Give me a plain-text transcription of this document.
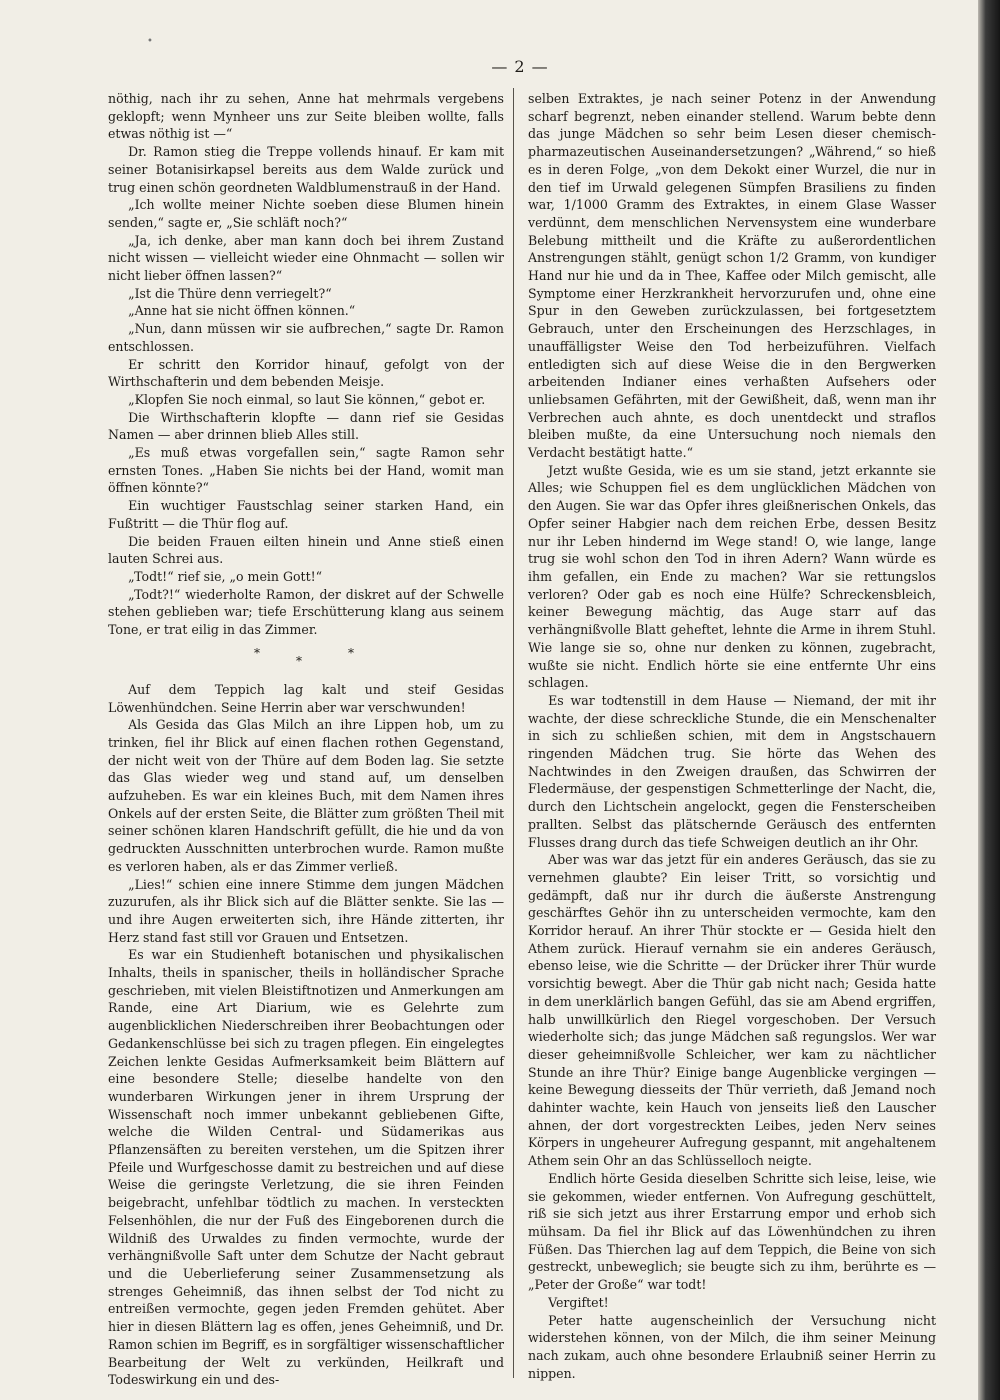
•
— 2 —

nöthig, nach ihr zu sehen, Anne hat mehrmals vergebens geklopft; wenn Mynheer uns zur Seite bleiben wollte, falls etwas nöthig ist —“

Dr. Ramon stieg die Treppe vollends hinauf. Er kam mit seiner Botanisirkapsel bereits aus dem Walde zurück und trug einen schön geordneten Waldblumenstrauß in der Hand.

„Ich wollte meiner Nichte soeben diese Blumen hinein senden,“ sagte er, „Sie schläft noch?“

„Ja, ich denke, aber man kann doch bei ihrem Zustand nicht wissen — vielleicht wieder eine Ohnmacht — sollen wir nicht lieber öffnen lassen?“

„Ist die Thüre denn verriegelt?“

„Anne hat sie nicht öffnen können.“

„Nun, dann müssen wir sie aufbrechen,“ sagte Dr. Ramon entschlossen.

Er schritt den Korridor hinauf, gefolgt von der Wirthschafterin und dem bebenden Meisje.

„Klopfen Sie noch einmal, so laut Sie können,“ gebot er.

Die Wirthschafterin klopfte — dann rief sie Gesidas Namen — aber drinnen blieb Alles still.

„Es muß etwas vorgefallen sein,“ sagte Ramon sehr ernsten Tones. „Haben Sie nichts bei der Hand, womit man öffnen könnte?“

Ein wuchtiger Faustschlag seiner starken Hand, ein Fußtritt — die Thür flog auf.

Die beiden Frauen eilten hinein und Anne stieß einen lauten Schrei aus.

„Todt!“ rief sie, „o mein Gott!“

„Todt?!“ wiederholte Ramon, der diskret auf der Schwelle stehen geblieben war; tiefe Erschütterung klang aus seinem Tone, er trat eilig in das Zimmer.

*
*
*

Auf dem Teppich lag kalt und steif Gesidas Löwenhündchen. Seine Herrin aber war verschwunden!

Als Gesida das Glas Milch an ihre Lippen hob, um zu trinken, fiel ihr Blick auf einen flachen rothen Gegenstand, der nicht weit von der Thüre auf dem Boden lag. Sie setzte das Glas wieder weg und stand auf, um denselben aufzuheben. Es war ein kleines Buch, mit dem Namen ihres Onkels auf der ersten Seite, die Blätter zum größten Theil mit seiner schönen klaren Handschrift gefüllt, die hie und da von gedruckten Ausschnitten unterbrochen wurde. Ramon mußte es verloren haben, als er das Zimmer verließ.

„Lies!“ schien eine innere Stimme dem jungen Mädchen zuzurufen, als ihr Blick sich auf die Blätter senkte. Sie las — und ihre Augen erweiterten sich, ihre Hände zitterten, ihr Herz stand fast still vor Grauen und Entsetzen.

Es war ein Studienheft botanischen und physikalischen Inhalts, theils in spanischer, theils in holländischer Sprache geschrieben, mit vielen Bleistiftnotizen und Anmerkungen am Rande, eine Art Diarium, wie es Gelehrte zum augenblicklichen Niederschreiben ihrer Beobachtungen oder Gedankenschlüsse bei sich zu tragen pflegen. Ein eingelegtes Zeichen lenkte Gesidas Aufmerksamkeit beim Blättern auf eine besondere Stelle; dieselbe handelte von den wunderbaren Wirkungen jener in ihrem Ursprung der Wissenschaft noch immer unbekannt gebliebenen Gifte, welche die Wilden Central- und Südamerikas aus Pflanzensäften zu bereiten verstehen, um die Spitzen ihrer Pfeile und Wurfgeschosse damit zu bestreichen und auf diese Weise die geringste Verletzung, die sie ihren Feinden beigebracht, unfehlbar tödtlich zu machen. In versteckten Felsenhöhlen, die nur der Fuß des Eingeborenen durch die Wildniß des Urwaldes zu finden vermochte, wurde der verhängnißvolle Saft unter dem Schutze der Nacht gebraut und die Ueberlieferung seiner Zusammensetzung als strenges Geheimniß, das ihnen selbst der Tod nicht zu entreißen vermochte, gegen jeden Fremden gehütet. Aber hier in diesen Blättern lag es offen, jenes Geheimniß, und Dr. Ramon schien im Begriff, es in sorgfältiger wissenschaftlicher Bearbeitung der Welt zu verkünden, Heilkraft und Todeswirkung ein und des-

selben Extraktes, je nach seiner Potenz in der Anwendung scharf begrenzt, neben einander stellend. Warum bebte denn das junge Mädchen so sehr beim Lesen dieser chemisch-pharmazeutischen Auseinandersetzungen? „Während,“ so hieß es in deren Folge, „von dem Dekokt einer Wurzel, die nur in den tief im Urwald gelegenen Sümpfen Brasiliens zu finden war, 1/1000 Gramm des Extraktes, in einem Glase Wasser verdünnt, dem menschlichen Nervensystem eine wunderbare Belebung mittheilt und die Kräfte zu außerordentlichen Anstrengungen stählt, genügt schon 1/2 Gramm, von kundiger Hand nur hie und da in Thee, Kaffee oder Milch gemischt, alle Symptome einer Herzkrankheit hervorzurufen und, ohne eine Spur in den Geweben zurückzulassen, bei fortgesetztem Gebrauch, unter den Erscheinungen des Herzschlages, in unauffälligster Weise den Tod herbeizuführen. Vielfach entledigten sich auf diese Weise die in den Bergwerken arbeitenden Indianer eines verhaßten Aufsehers oder unliebsamen Gefährten, mit der Gewißheit, daß, wenn man ihr Verbrechen auch ahnte, es doch unentdeckt und straflos bleiben mußte, da eine Untersuchung noch niemals den Verdacht bestätigt hatte.“

Jetzt wußte Gesida, wie es um sie stand, jetzt erkannte sie Alles; wie Schuppen fiel es dem unglücklichen Mädchen von den Augen. Sie war das Opfer ihres gleißnerischen Onkels, das Opfer seiner Habgier nach dem reichen Erbe, dessen Besitz nur ihr Leben hindernd im Wege stand! O, wie lange, lange trug sie wohl schon den Tod in ihren Adern? Wann würde es ihm gefallen, ein Ende zu machen? War sie rettungslos verloren? Oder gab es noch eine Hülfe? Schreckensbleich, keiner Bewegung mächtig, das Auge starr auf das verhängnißvolle Blatt geheftet, lehnte die Arme in ihrem Stuhl. Wie lange sie so, ohne nur denken zu können, zugebracht, wußte sie nicht. Endlich hörte sie eine entfernte Uhr eins schlagen.

Es war todtenstill in dem Hause — Niemand, der mit ihr wachte, der diese schreckliche Stunde, die ein Menschenalter in sich zu schließen schien, mit dem in Angstschauern ringenden Mädchen trug. Sie hörte das Wehen des Nachtwindes in den Zweigen draußen, das Schwirren der Fledermäuse, der gespenstigen Schmetterlinge der Nacht, die, durch den Lichtschein angelockt, gegen die Fensterscheiben prallten. Selbst das plätschernde Geräusch des entfernten Flusses drang durch das tiefe Schweigen deutlich an ihr Ohr.

Aber was war das jetzt für ein anderes Geräusch, das sie zu vernehmen glaubte? Ein leiser Tritt, so vorsichtig und gedämpft, daß nur ihr durch die äußerste Anstrengung geschärftes Gehör ihn zu unterscheiden vermochte, kam den Korridor herauf. An ihrer Thür stockte er — Gesida hielt den Athem zurück. Hierauf vernahm sie ein anderes Geräusch, ebenso leise, wie die Schritte — der Drücker ihrer Thür wurde vorsichtig bewegt. Aber die Thür gab nicht nach; Gesida hatte in dem unerklärlich bangen Gefühl, das sie am Abend ergriffen, halb unwillkürlich den Riegel vorgeschoben. Der Versuch wiederholte sich; das junge Mädchen saß regungslos. Wer war dieser geheimnißvolle Schleicher, wer kam zu nächtlicher Stunde an ihre Thür? Einige bange Augenblicke vergingen — keine Bewegung diesseits der Thür verrieth, daß Jemand noch dahinter wachte, kein Hauch von jenseits ließ den Lauscher ahnen, der dort vorgestreckten Leibes, jeden Nerv seines Körpers in ungeheurer Aufregung gespannt, mit angehaltenem Athem sein Ohr an das Schlüsselloch neigte.

Endlich hörte Gesida dieselben Schritte sich leise, leise, wie sie gekommen, wieder entfernen. Von Aufregung geschüttelt, riß sie sich jetzt aus ihrer Erstarrung empor und erhob sich mühsam. Da fiel ihr Blick auf das Löwenhündchen zu ihren Füßen. Das Thierchen lag auf dem Teppich, die Beine von sich gestreckt, unbeweglich; sie beugte sich zu ihm, berührte es — „Peter der Große“ war todt!

Vergiftet!

Peter hatte augenscheinlich der Versuchung nicht widerstehen können, von der Milch, die ihm seiner Meinung nach zukam, auch ohne besondere Erlaubniß seiner Herrin zu nippen.
